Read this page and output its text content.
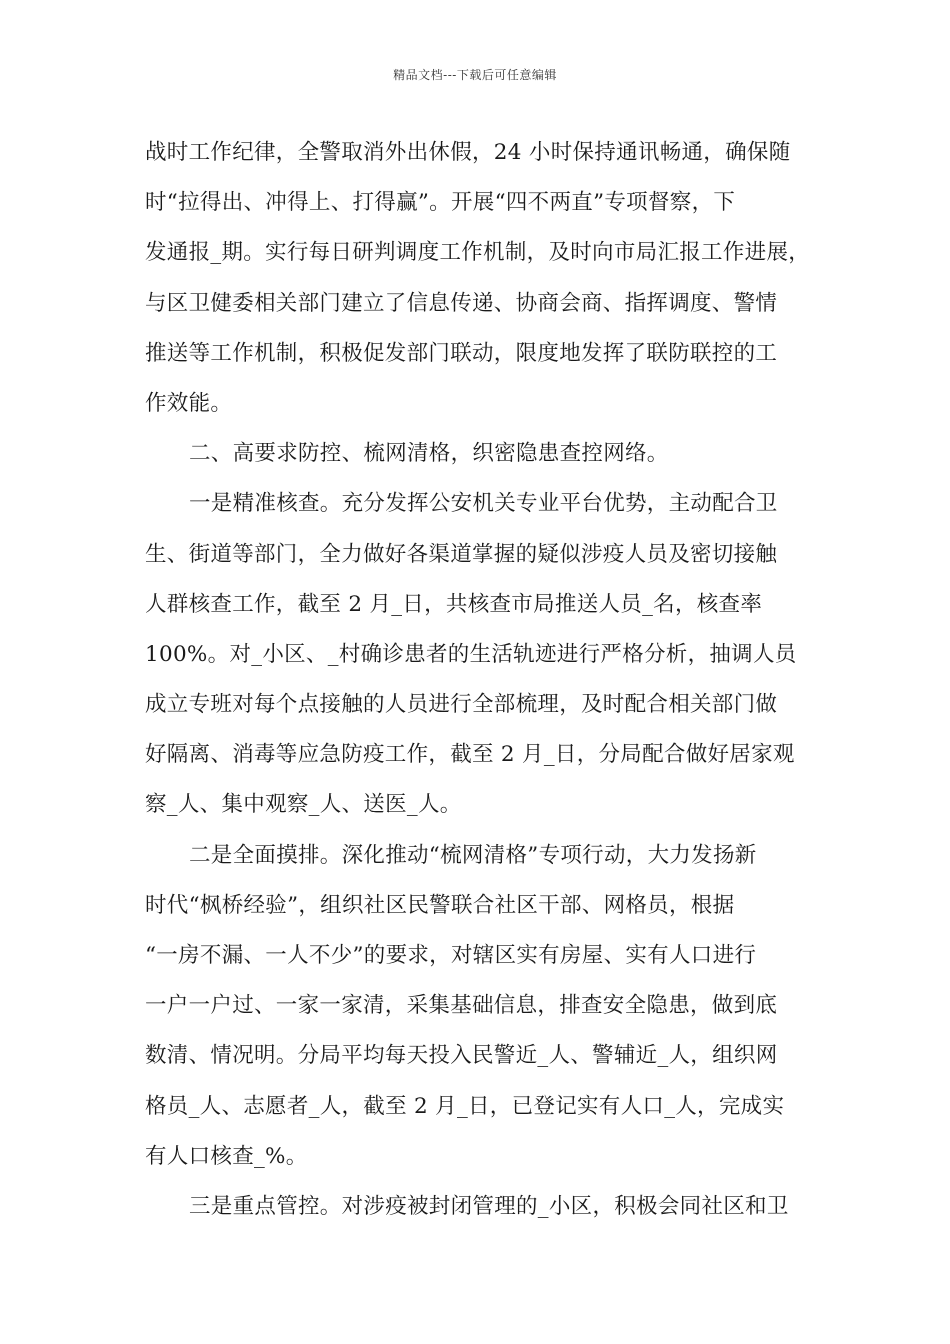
精品文档---下载后可任意编辑
战时工作纪律，全警取消外出休假，24 小时保持通讯畅通，确保随
时“拉得出、冲得上、打得赢”。开展“四不两直”专项督察，下
发通报_期。实行每日研判调度工作机制，及时向市局汇报工作进展，
与区卫健委相关部门建立了信息传递、协商会商、指挥调度、警情
推送等工作机制，积极促发部门联动，限度地发挥了联防联控的工
作效能。
二、高要求防控、梳网清格，织密隐患查控网络。
一是精准核查。充分发挥公安机关专业平台优势，主动配合卫
生、街道等部门，全力做好各渠道掌握的疑似涉疫人员及密切接触
人群核查工作，截至 2 月_日，共核查市局推送人员_名，核查率
100%。对_小区、_村确诊患者的生活轨迹进行严格分析，抽调人员
成立专班对每个点接触的人员进行全部梳理，及时配合相关部门做
好隔离、消毒等应急防疫工作，截至 2 月_日，分局配合做好居家观
察_人、集中观察_人、送医_人。
二是全面摸排。深化推动“梳网清格”专项行动，大力发扬新
时代“枫桥经验”，组织社区民警联合社区干部、网格员，根据
“一房不漏、一人不少”的要求，对辖区实有房屋、实有人口进行
一户一户过、一家一家清，采集基础信息，排查安全隐患，做到底
数清、情况明。分局平均每天投入民警近_人、警辅近_人，组织网
格员_人、志愿者_人，截至 2 月_日，已登记实有人口_人，完成实
有人口核查_%。
三是重点管控。对涉疫被封闭管理的_小区，积极会同社区和卫
